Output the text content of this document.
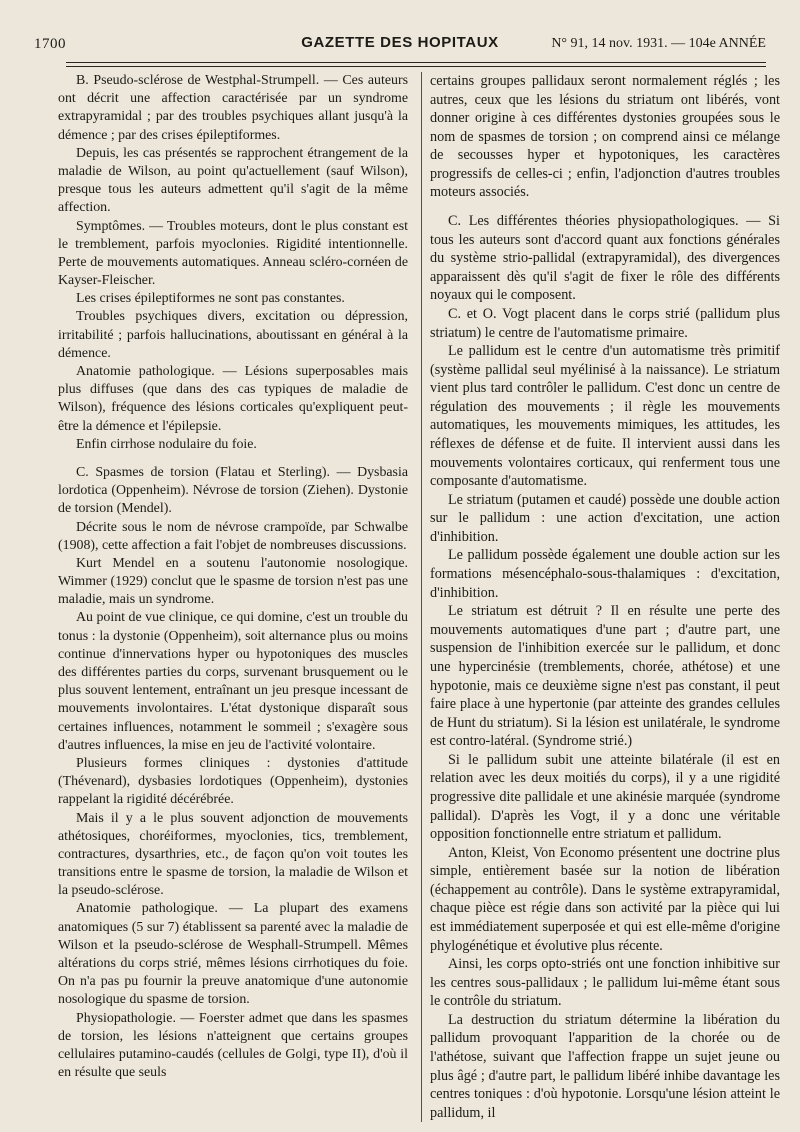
1700	GAZETTE DES HOPITAUX	N° 91, 14 nov. 1931. — 104e ANNÉE

B. Pseudo-sclérose de Westphal-Strumpell. — Ces auteurs ont décrit une affection caractérisée par un syndrome extrapyramidal ; par des troubles psychiques allant jusqu'à la démence ; par des crises épileptiformes.

Depuis, les cas présentés se rapprochent étrangement de la maladie de Wilson, au point qu'actuellement (sauf Wilson), presque tous les auteurs admettent qu'il s'agit de la même affection.

Symptômes. — Troubles moteurs, dont le plus constant est le tremblement, parfois myoclonies. Rigidité intentionnelle. Perte de mouvements automatiques. Anneau scléro-cornéen de Kayser-Fleischer.

Les crises épileptiformes ne sont pas constantes.

Troubles psychiques divers, excitation ou dépression, irritabilité ; parfois hallucinations, aboutissant en général à la démence.

Anatomie pathologique. — Lésions superposables mais plus diffuses (que dans des cas typiques de maladie de Wilson), fréquence des lésions corticales qu'expliquent peut-être la démence et l'épilepsie.

Enfin cirrhose nodulaire du foie.

C. Spasmes de torsion (Flatau et Sterling). — Dysbasia lordotica (Oppenheim). Névrose de torsion (Ziehen). Dystonie de torsion (Mendel).

Décrite sous le nom de névrose crampoïde, par Schwalbe (1908), cette affection a fait l'objet de nombreuses discussions.

Kurt Mendel en a soutenu l'autonomie nosologique. Wimmer (1929) conclut que le spasme de torsion n'est pas une maladie, mais un syndrome.

Au point de vue clinique, ce qui domine, c'est un trouble du tonus : la dystonie (Oppenheim), soit alternance plus ou moins continue d'innervations hyper ou hypotoniques des muscles des différentes parties du corps, survenant brusquement ou le plus souvent lentement, entraînant un jeu presque incessant de mouvements involontaires. L'état dystonique disparaît sous certaines influences, notamment le sommeil ; s'exagère sous d'autres influences, la mise en jeu de l'activité volontaire.

Plusieurs formes cliniques : dystonies d'attitude (Thévenard), dysbasies lordotiques (Oppenheim), dystonies rappelant la rigidité décérébrée.

Mais il y a le plus souvent adjonction de mouvements athétosiques, choréiformes, myoclonies, tics, tremblement, contractures, dysarthries, etc., de façon qu'on voit toutes les transitions entre le spasme de torsion, la maladie de Wilson et la pseudo-sclérose.

Anatomie pathologique. — La plupart des examens anatomiques (5 sur 7) établissent sa parenté avec la maladie de Wilson et la pseudo-sclérose de Wesphall-Strumpell. Mêmes altérations du corps strié, mêmes lésions cirrhotiques du foie. On n'a pas pu fournir la preuve anatomique d'une autonomie nosologique du spasme de torsion.

Physiopathologie. — Foerster admet que dans les spasmes de torsion, les lésions n'atteignent que certains groupes cellulaires putamino-caudés (cellules de Golgi, type II), d'où il en résulte que seuls

certains groupes pallidaux seront normalement réglés ; les autres, ceux que les lésions du striatum ont libérés, vont donner origine à ces différentes dystonies groupées sous le nom de spasmes de torsion ; on comprend ainsi ce mélange de secousses hyper et hypotoniques, les caractères progressifs de celles-ci ; enfin, l'adjonction d'autres troubles moteurs associés.

C. Les différentes théories physiopathologiques. — Si tous les auteurs sont d'accord quant aux fonctions générales du système strio-pallidal (extrapyramidal), des divergences apparaissent dès qu'il s'agit de fixer le rôle des différents noyaux qui le composent.

C. et O. Vogt placent dans le corps strié (pallidum plus striatum) le centre de l'automatisme primaire.

Le pallidum est le centre d'un automatisme très primitif (système pallidal seul myélinisé à la naissance). Le striatum vient plus tard contrôler le pallidum. C'est donc un centre de régulation des mouvements ; il règle les mouvements automatiques, les mouvements mimiques, les attitudes, les réflexes de défense et de fuite. Il intervient aussi dans les mouvements volontaires corticaux, qui renferment tous une composante d'automatisme.

Le striatum (putamen et caudé) possède une double action sur le pallidum : une action d'excitation, une action d'inhibition.

Le pallidum possède également une double action sur les formations mésencéphalo-sous-thalamiques : d'excitation, d'inhibition.

Le striatum est détruit ? Il en résulte une perte des mouvements automatiques d'une part ; d'autre part, une suspension de l'inhibition exercée sur le pallidum, et donc une hypercinésie (tremblements, chorée, athétose) et une hypotonie, mais ce deuxième signe n'est pas constant, il peut faire place à une hypertonie (par atteinte des grandes cellules de Hunt du striatum). Si la lésion est unilatérale, le syndrome est contro-latéral. (Syndrome strié.)

Si le pallidum subit une atteinte bilatérale (il est en relation avec les deux moitiés du corps), il y a une rigidité progressive dite pallidale et une akinésie marquée (syndrome pallidal). D'après les Vogt, il y a donc une véritable opposition fonctionnelle entre striatum et pallidum.

Anton, Kleist, Von Economo présentent une doctrine plus simple, entièrement basée sur la notion de libération (échappement au contrôle). Dans le système extrapyramidal, chaque pièce est régie dans son activité par la pièce qui lui est immédiatement superposée et qui est elle-même d'origine phylogénétique et évolutive plus récente.

Ainsi, les corps opto-striés ont une fonction inhibitive sur les centres sous-pallidaux ; le pallidum lui-même étant sous le contrôle du striatum.

La destruction du striatum détermine la libération du pallidum provoquant l'apparition de la chorée ou de l'athétose, suivant que l'affection frappe un sujet jeune ou plus âgé ; d'autre part, le pallidum libéré inhibe davantage les centres toniques : d'où hypotonie. Lorsqu'une lésion atteint le pallidum, il
